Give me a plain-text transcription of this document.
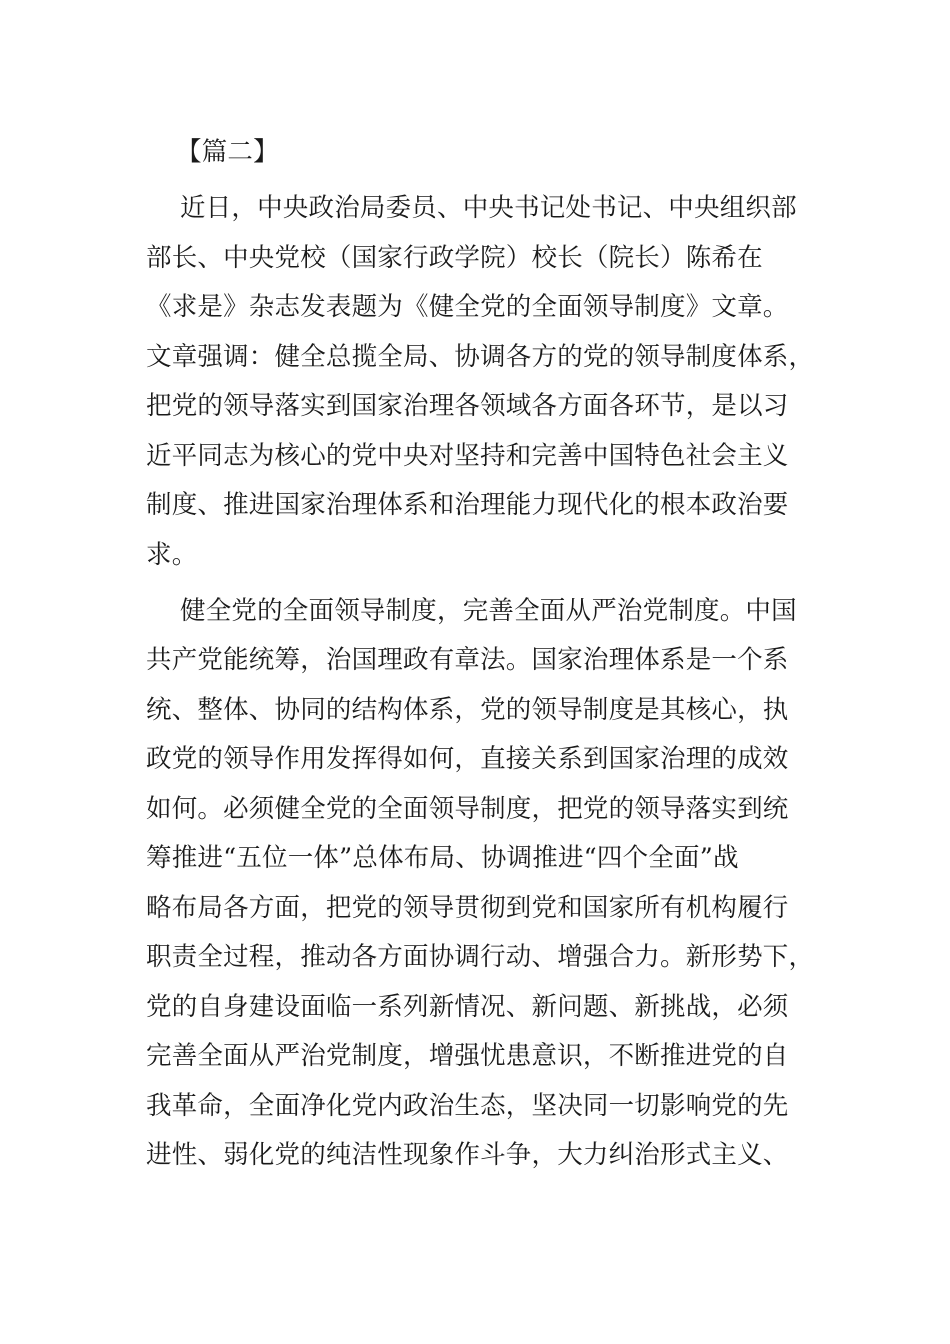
【篇二】
近日，中央政治局委员、中央书记处书记、中央组织部
部长、中央党校（国家行政学院）校长（院长）陈希在
《求是》杂志发表题为《健全党的全面领导制度》文章。
文章强调：健全总揽全局、协调各方的党的领导制度体系，
把党的领导落实到国家治理各领域各方面各环节，是以习
近平同志为核心的党中央对坚持和完善中国特色社会主义
制度、推进国家治理体系和治理能力现代化的根本政治要
求。
健全党的全面领导制度，完善全面从严治党制度。中国
共产党能统筹，治国理政有章法。国家治理体系是一个系
统、整体、协同的结构体系，党的领导制度是其核心，执
政党的领导作用发挥得如何，直接关系到国家治理的成效
如何。必须健全党的全面领导制度，把党的领导落实到统
筹推进“五位一体”总体布局、协调推进“四个全面”战
略布局各方面，把党的领导贯彻到党和国家所有机构履行
职责全过程，推动各方面协调行动、增强合力。新形势下，
党的自身建设面临一系列新情况、新问题、新挑战，必须
完善全面从严治党制度，增强忧患意识，不断推进党的自
我革命，全面净化党内政治生态，坚决同一切影响党的先
进性、弱化党的纯洁性现象作斗争，大力纠治形式主义、
